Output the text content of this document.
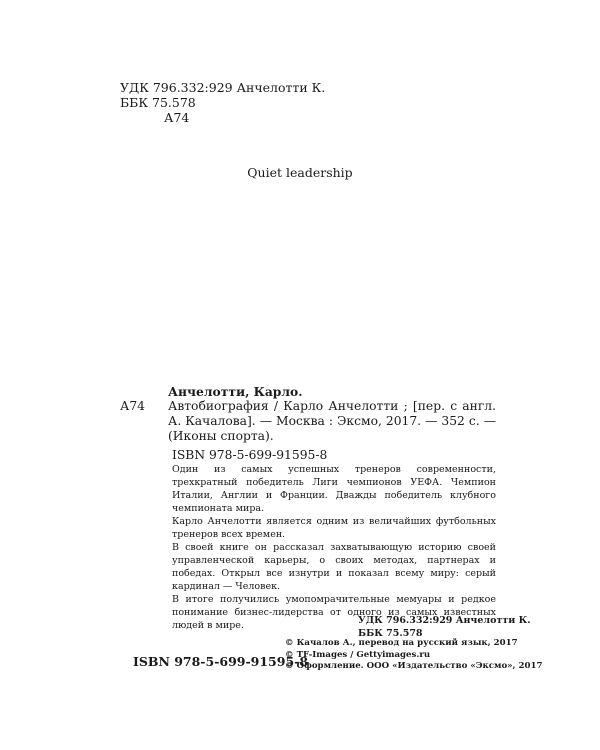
УДК 796.332:929 Анчелотти К.
ББК 75.578
А74
Quiet leadership
А74
Анчелотти, Карло.
Автобиография / Карло Анчелотти ; [пер. с англ. А. Качалова]. — Москва : Эксмо, 2017. — 352 с. — (Иконы спорта).
ISBN 978-5-699-91595-8

Один из самых успешных тренеров современности, трехкратный победитель Лиги чемпионов УЕФА. Чемпион Италии, Англии и Франции. Дважды победитель клубного чемпионата мира.

Карло Анчелотти является одним из величайших футбольных тренеров всех времен.

В своей книге он рассказал захватывающую историю своей управленческой карьеры, о своих методах, партнерах и победах. Открыл все изнутри и показал всему миру: серый кардинал — Человек.

В итоге получились умопомрачительные мемуары и редкое понимание бизнес-лидерства от одного из самых известных людей в мире.	УДК 796.332:929 Анчелотти К.
ББК 75.578
ISBN 978-5-699-91595-8
© Качалов А., перевод на русский язык, 2017
© TF-Images / Gettyimages.ru
© Оформление. ООО «Издательство «Эксмо», 2017
